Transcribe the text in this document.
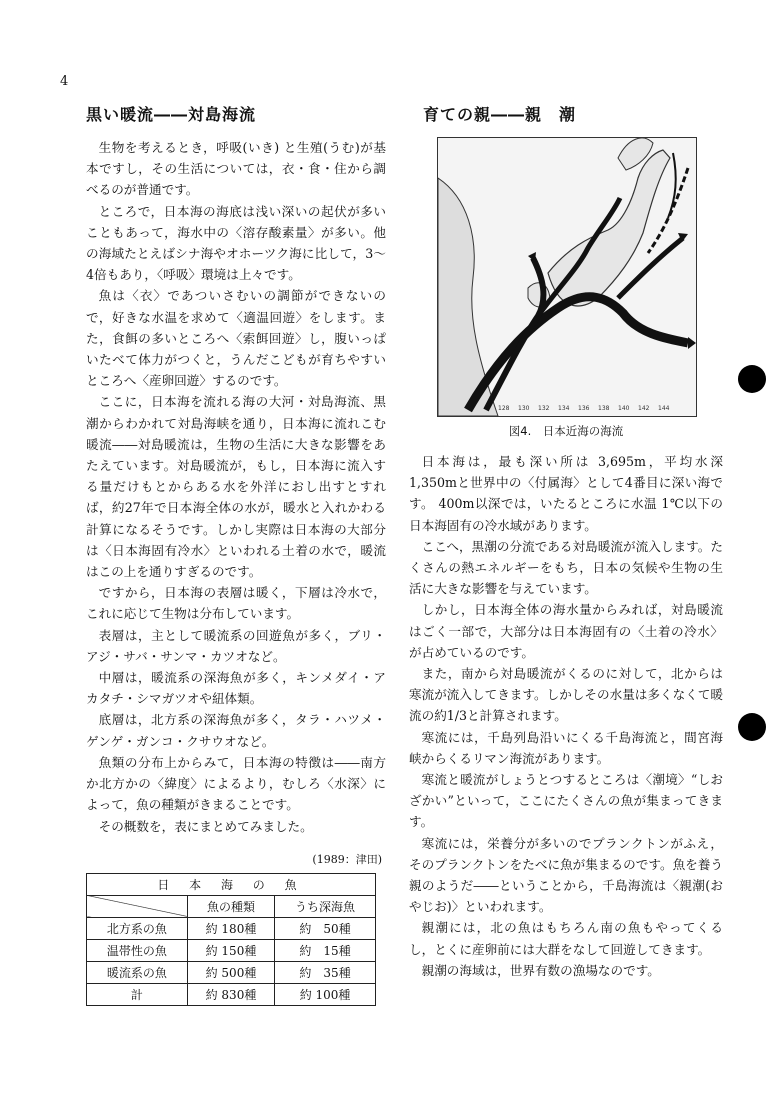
4
黒い暖流――対島海流

生物を考えるとき，呼吸(いき) と生殖(うむ)が基本ですし，その生活については，衣・食・住から調べるのが普通です。

ところで，日本海の海底は浅い深いの起伏が多いこともあって，海水中の〈溶存酸素量〉が多い。他の海域たとえばシナ海やオホーツク海に比して，3～4倍もあり，〈呼吸〉環境は上々です。

魚は〈衣〉であついさむいの調節ができないので，好きな水温を求めて〈適温回遊〉をします。また，食餌の多いところへ〈索餌回遊〉し，腹いっぱいたべて体力がつくと，うんだこどもが育ちやすいところへ〈産卵回遊〉するのです。

ここに，日本海を流れる海の大河・対島海流、黒潮からわかれて対島海峡を通り，日本海に流れこむ暖流――対島暖流は，生物の生活に大きな影響をあたえています。対島暖流が，もし，日本海に流入する量だけもとからある水を外洋におし出すとすれば，約27年で日本海全体の水が，暖水と入れかわる計算になるそうです。しかし実際は日本海の大部分は〈日本海固有冷水〉といわれる土着の水で，暖流はこの上を通りすぎるのです。

ですから，日本海の表層は暖く，下層は冷水で，これに応じて生物は分布しています。

表層は，主として暖流系の回遊魚が多く，ブリ・アジ・サバ・サンマ・カツオなど。

中層は，暖流系の深海魚が多く，キンメダイ・アカタチ・シマガツオや紐体類。

底層は，北方系の深海魚が多く，タラ・ハツメ・ゲンゲ・ガンコ・クサウオなど。

魚類の分布上からみて，日本海の特徴は――南方か北方かの〈緯度〉によるより，むしろ〈水深〉によって，魚の種類がきまることです。

その概数を，表にまとめてみました。

(1989：津田)
日 本 海 の 魚		
	魚の種類	うち深海魚
北方系の魚	約 180種	約　50種
温帯性の魚	約 150種	約　15種
暖流系の魚	約 500種	約　35種
計	約 830種	約 100種
育ての親――親　潮
128 130 132 134 136 138 140 142 144
図4.　日本近海の海流

日本海は，最も深い所は 3,695m，平均水深 1,350mと世界中の〈付属海〉として4番目に深い海です。 400m以深では，いたるところに水温 1℃以下の日本海固有の冷水域があります。

ここへ，黒潮の分流である対島暖流が流入します。たくさんの熱エネルギーをもち，日本の気候や生物の生活に大きな影響を与えています。

しかし，日本海全体の海水量からみれば，対島暖流はごく一部で，大部分は日本海固有の〈土着の冷水〉が占めているのです。

また，南から対島暖流がくるのに対して，北からは寒流が流入してきます。しかしその水量は多くなくて暖流の約1/3と計算されます。

寒流には，千島列島沿いにくる千島海流と，間宮海峡からくるリマン海流があります。

寒流と暖流がしょうとつするところは〈潮境〉“しおざかい”といって，ここにたくさんの魚が集まってきます。

寒流には，栄養分が多いのでプランクトンがふえ，そのプランクトンをたべに魚が集まるのです。魚を養う親のようだ――ということから，千島海流は〈親潮(おやじお)〉といわれます。

親潮には，北の魚はもちろん南の魚もやってくるし，とくに産卵前には大群をなして回遊してきます。

親潮の海域は，世界有数の漁場なのです。
